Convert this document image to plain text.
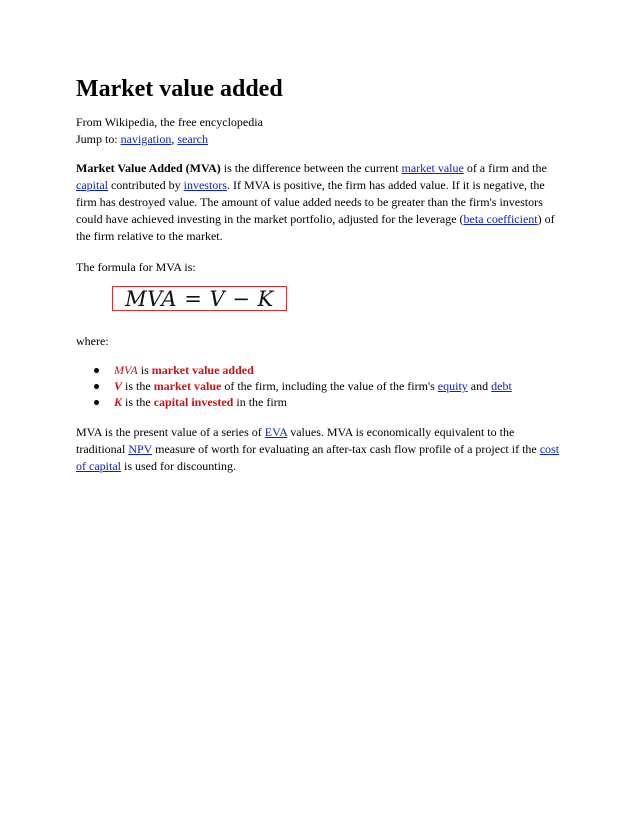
Market value added
From Wikipedia, the free encyclopedia
Jump to: navigation, search

Market Value Added (MVA) is the difference between the current market value of a firm and the capital contributed by investors. If MVA is positive, the firm has added value. If it is negative, the firm has destroyed value. The amount of value added needs to be greater than the firm's investors could have achieved investing in the market portfolio, adjusted for the leverage (beta coefficient) of the firm relative to the market.

The formula for MVA is:

MVA = V − K

where:

MVA is market value added
V is the market value of the firm, including the value of the firm's equity and debt
K is the capital invested in the firm

MVA is the present value of a series of EVA values. MVA is economically equivalent to the traditional NPV measure of worth for evaluating an after-tax cash flow profile of a project if the cost of capital is used for discounting.
